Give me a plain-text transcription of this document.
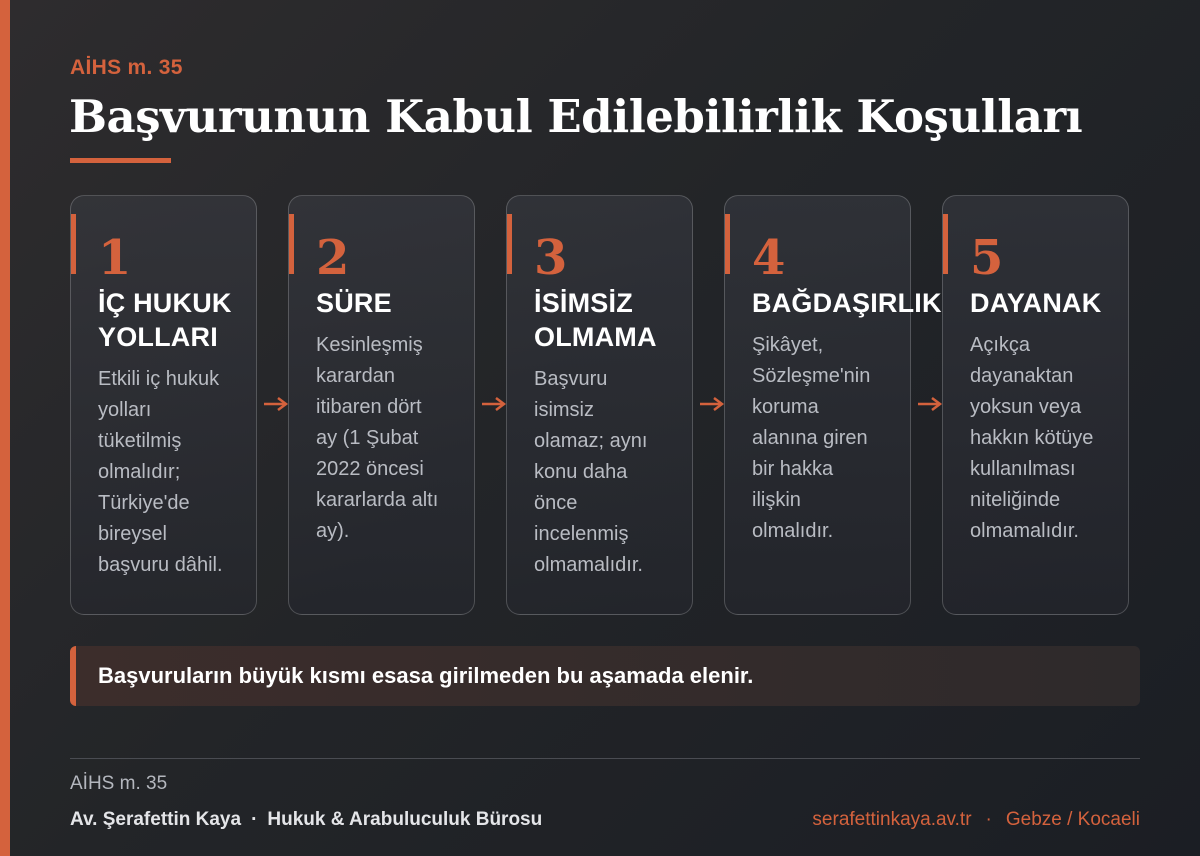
AİHS m. 35
Başvurunun Kabul Edilebilirlik Koşulları
1
İÇ HUKUK
YOLLARI
Etkili iç hukuk
yolları
tüketilmiş
olmalıdır;
Türkiye'de
bireysel
başvuru dâhil.
2
SÜRE
Kesinleşmiş
karardan
itibaren dört
ay (1 Şubat
2022 öncesi
kararlarda altı
ay).
3
İSİMSİZ
OLMAMA
Başvuru
isimsiz
olamaz; aynı
konu daha
önce
incelenmiş
olmamalıdır.
4
BAĞDAŞIRLIK
Şikâyet,
Sözleşme'nin
koruma
alanına giren
bir hakka
ilişkin
olmalıdır.
5
DAYANAK
Açıkça
dayanaktan
yoksun veya
hakkın kötüye
kullanılması
niteliğinde
olmamalıdır.
Başvuruların büyük kısmı esasa girilmeden bu aşamada elenir.
AİHS m. 35
Av. Şerafettin Kaya · Hukuk & Arabuluculuk Bürosu	serafettinkaya.av.tr · Gebze / Kocaeli
